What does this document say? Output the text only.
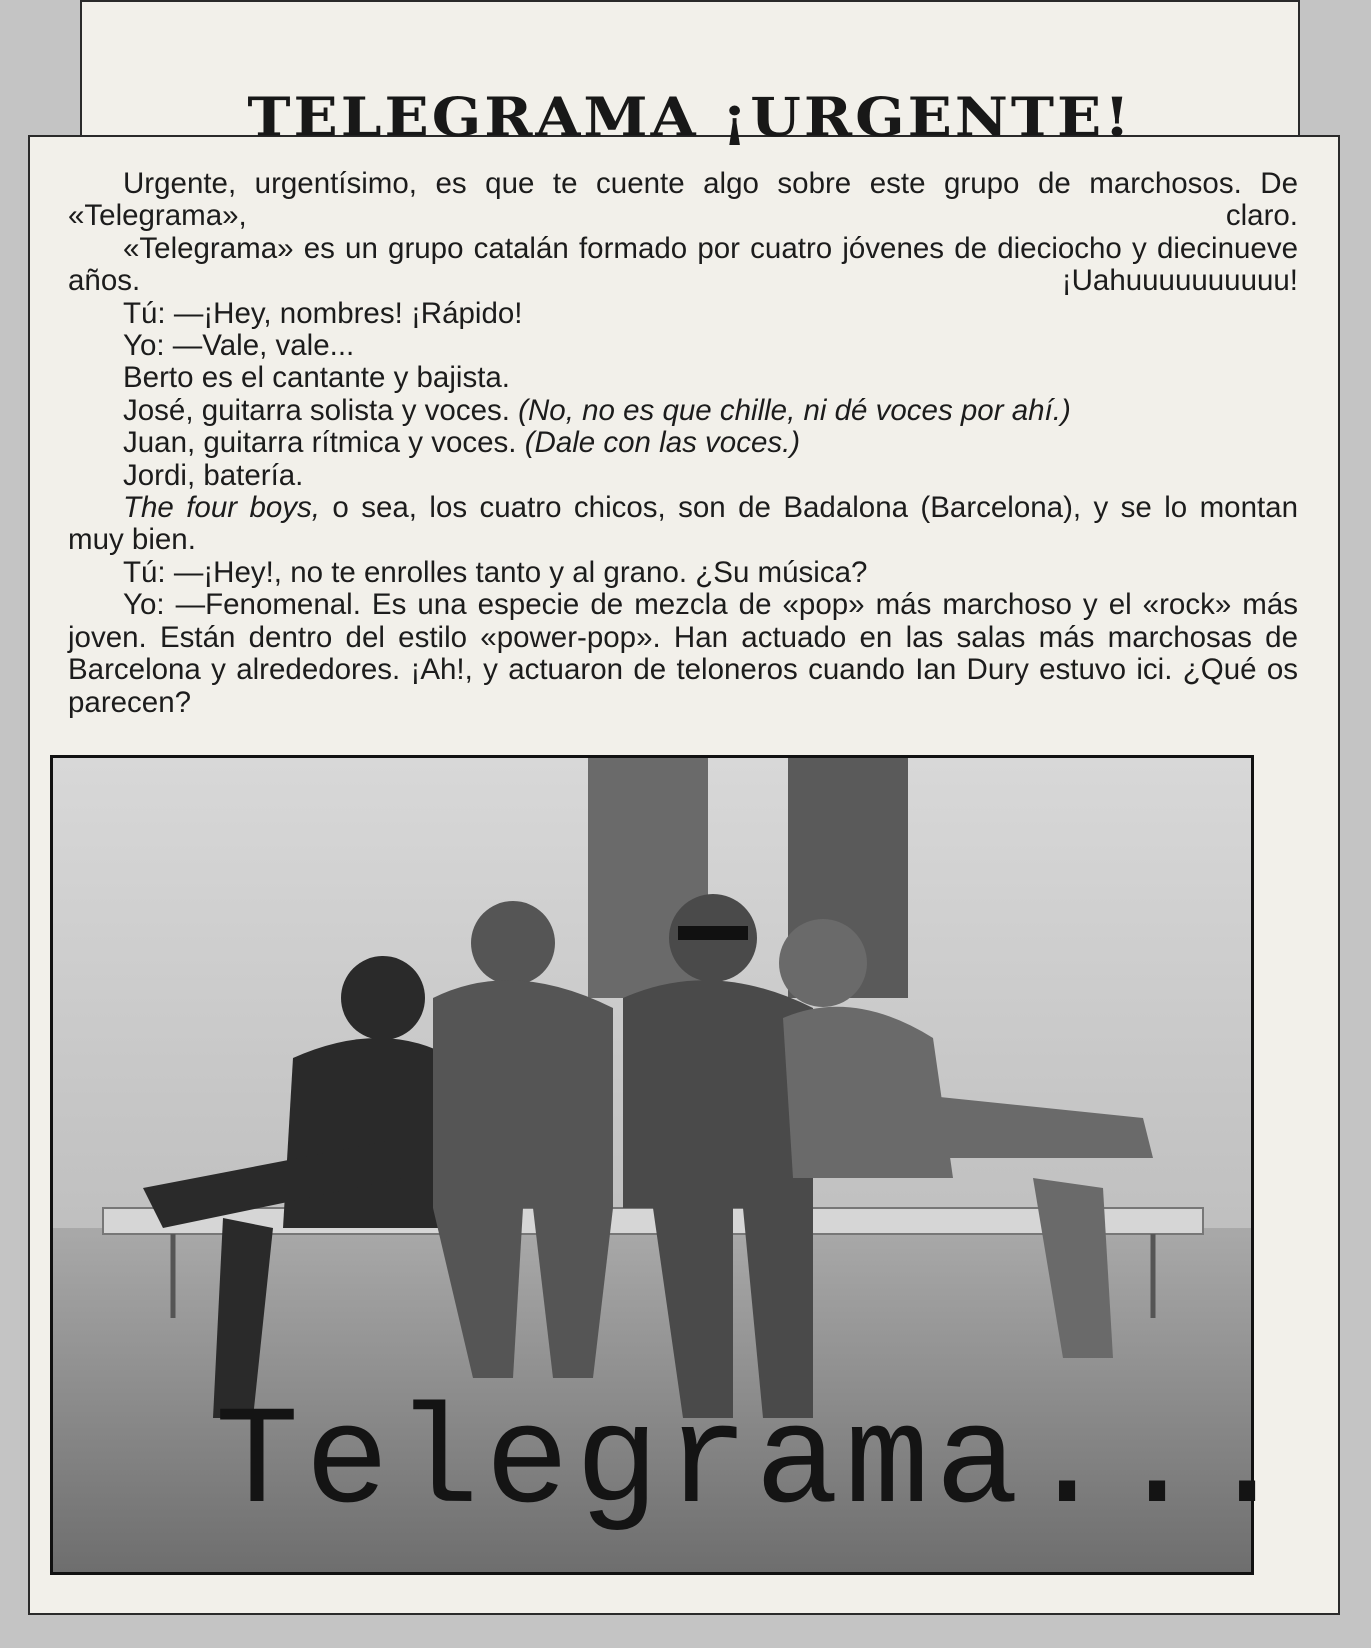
TELEGRAMA ¡URGENTE!

Urgente, urgentísimo, es que te cuente algo sobre este grupo de marchosos. De «Telegrama», claro.

«Telegrama» es un grupo catalán formado por cuatro jóvenes de dieciocho y diecinueve años. ¡Uahuuuuuuuuuu!

Tú: —¡Hey, nombres! ¡Rápido!

Yo: —Vale, vale...

Berto es el cantante y bajista.

José, guitarra solista y voces. (No, no es que chille, ni dé voces por ahí.)

Juan, guitarra rítmica y voces. (Dale con las voces.)

Jordi, batería.

The four boys, o sea, los cuatro chicos, son de Badalona (Barcelona), y se lo montan muy bien.

Tú: —¡Hey!, no te enrolles tanto y al grano. ¿Su música?

Yo: —Fenomenal. Es una especie de mezcla de «pop» más marchoso y el «rock» más joven. Están dentro del estilo «power-pop». Han actuado en las salas más marchosas de Barcelona y alrededores. ¡Ah!, y actuaron de teloneros cuando Ian Dury estuvo ici. ¿Qué os parecen?

Telegrama...
